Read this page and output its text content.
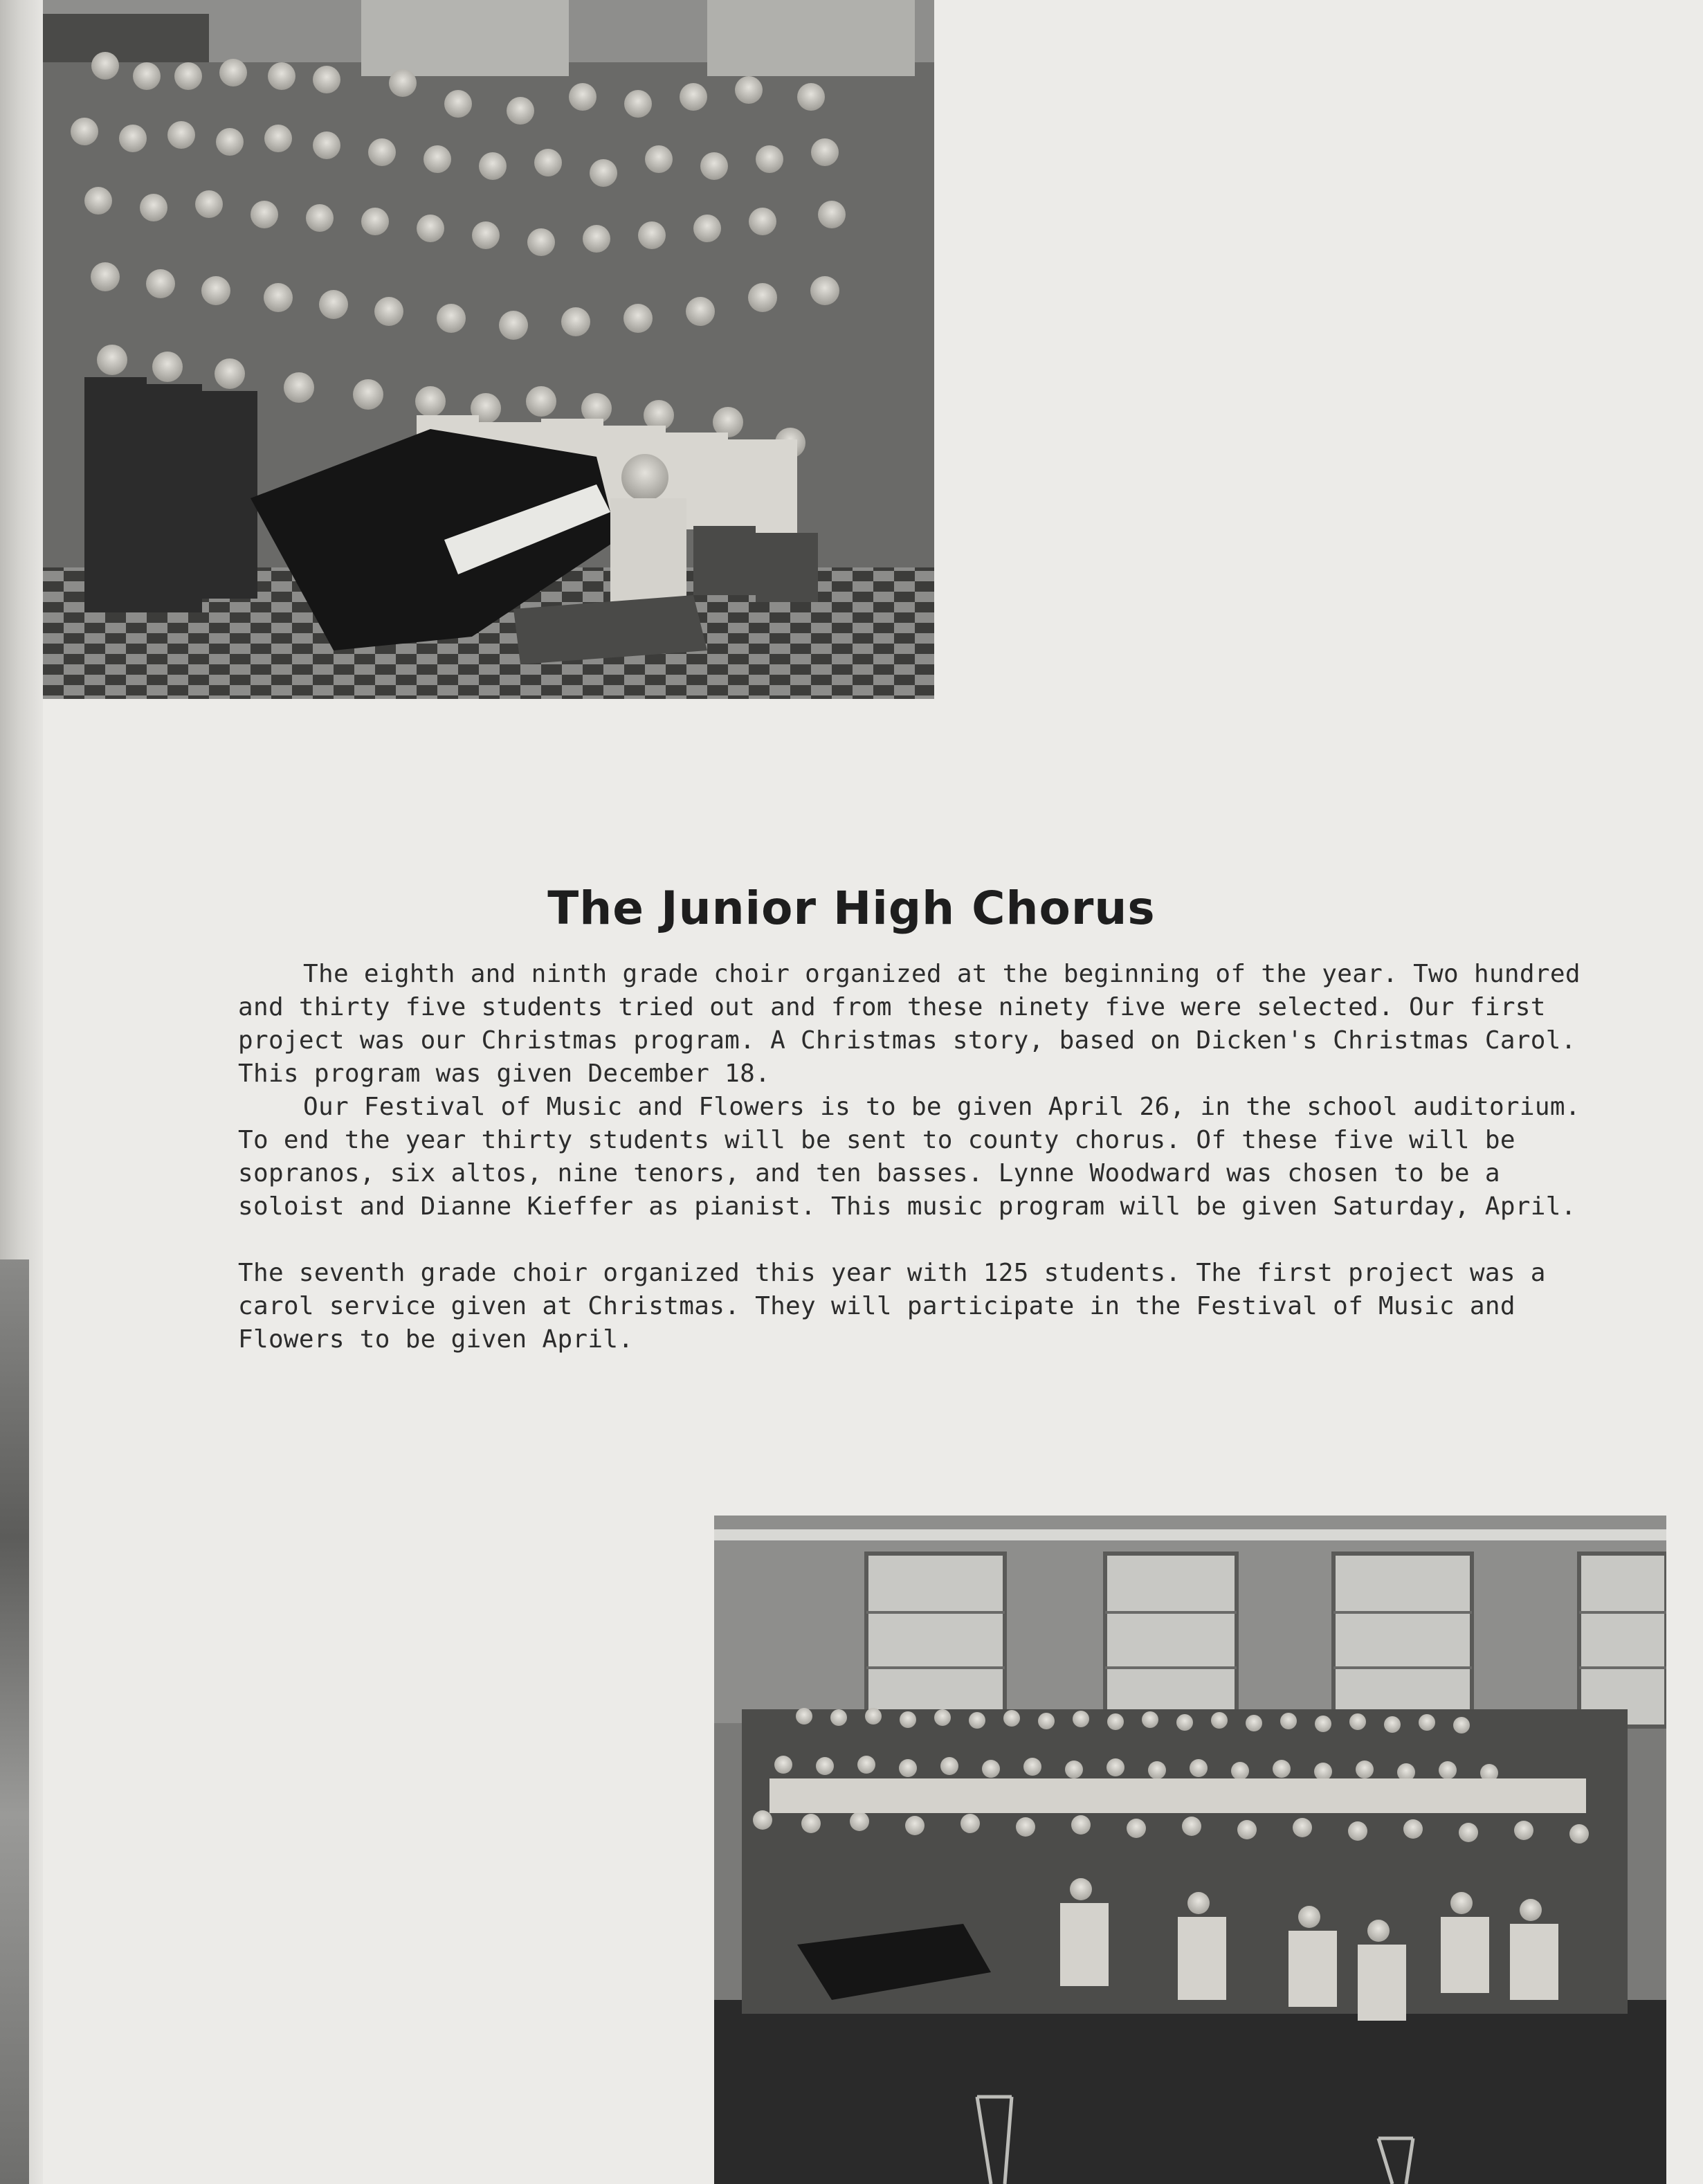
The Junior High Chorus

The eighth and ninth grade choir organized at the beginning of the year. Two hundred and thirty five students tried out and from these ninety five were selected. Our first project was our Christmas program. A Christmas story, based on Dicken's Christmas Carol. This program was given December 18.

Our Festival of Music and Flowers is to be given April 26, in the school auditorium. To end the year thirty students will be sent to county chorus. Of these five will be sopranos, six altos, nine tenors, and ten basses. Lynne Woodward was chosen to be a soloist and Dianne Kieffer as pianist. This music program will be given Saturday, April.

The seventh grade choir organized this year with 125 students. The first project was a carol service given at Christmas. They will participate in the Festival of Music and Flowers to be given April.
